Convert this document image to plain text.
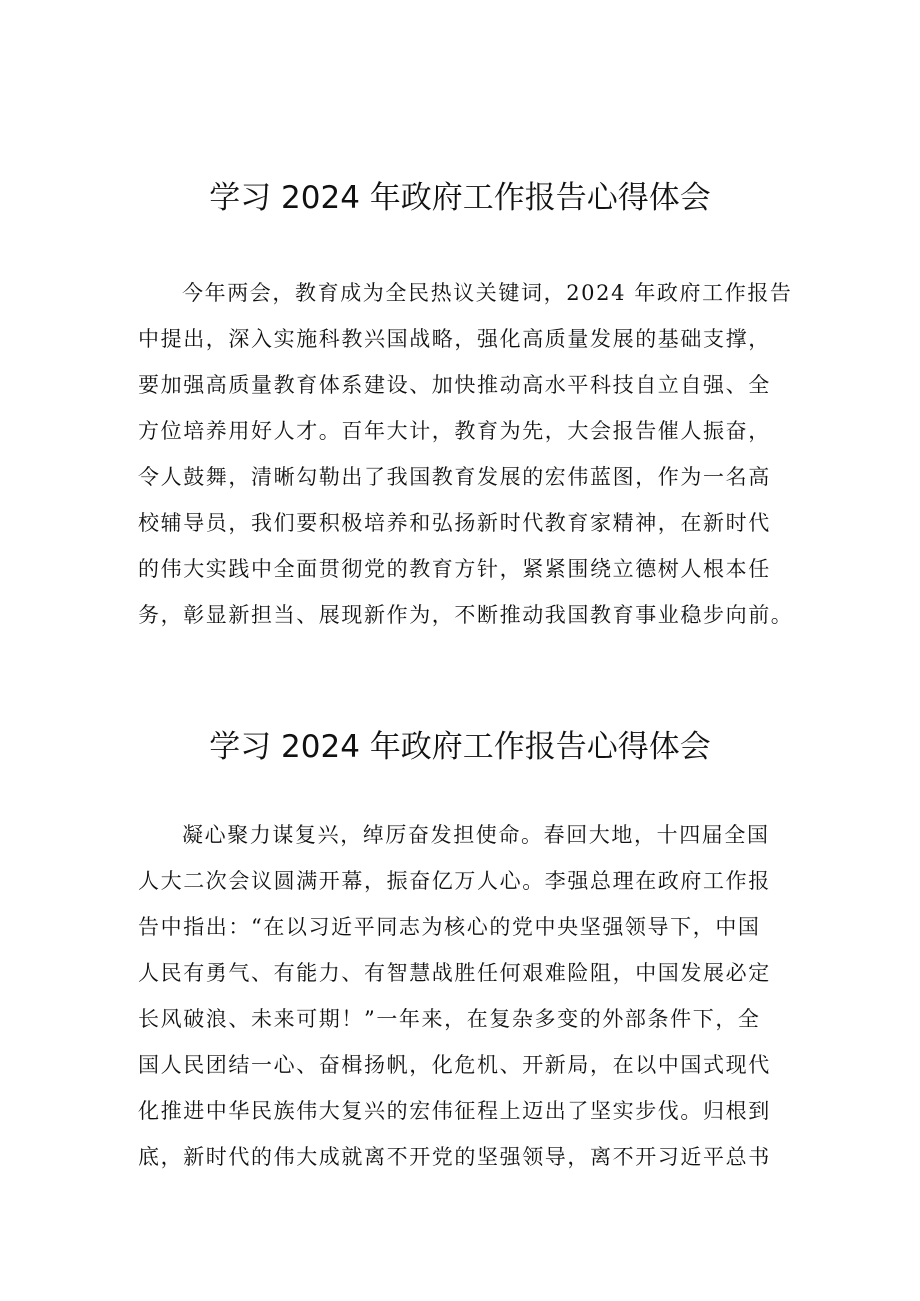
学习 2024 年政府工作报告心得体会
今年两会，教育成为全民热议关键词，2024 年政府工作报告
中提出，深入实施科教兴国战略，强化高质量发展的基础支撑，
要加强高质量教育体系建设、加快推动高水平科技自立自强、全
方位培养用好人才。百年大计，教育为先，大会报告催人振奋，
令人鼓舞，清晰勾勒出了我国教育发展的宏伟蓝图，作为一名高
校辅导员，我们要积极培养和弘扬新时代教育家精神，在新时代
的伟大实践中全面贯彻党的教育方针，紧紧围绕立德树人根本任
务，彰显新担当、展现新作为，不断推动我国教育事业稳步向前。
学习 2024 年政府工作报告心得体会
凝心聚力谋复兴，绰厉奋发担使命。春回大地，十四届全国
人大二次会议圆满开幕，振奋亿万人心。李强总理在政府工作报
告中指出：“在以习近平同志为核心的党中央坚强领导下，中国
人民有勇气、有能力、有智慧战胜任何艰难险阻，中国发展必定
长风破浪、未来可期！”一年来，在复杂多变的外部条件下，全
国人民团结一心、奋楫扬帆，化危机、开新局，在以中国式现代
化推进中华民族伟大复兴的宏伟征程上迈出了坚实步伐。归根到
底，新时代的伟大成就离不开党的坚强领导，离不开习近平总书
